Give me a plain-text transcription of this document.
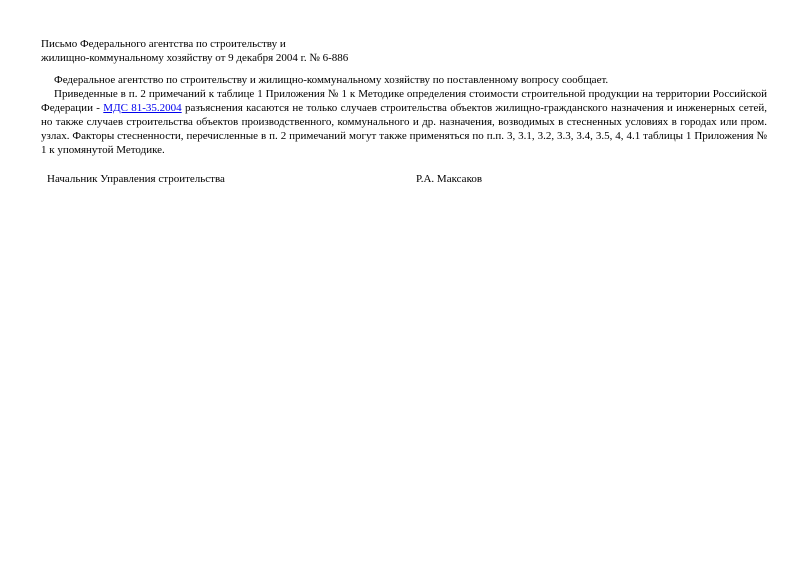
Письмо Федерального агентства по строительству и
жилищно-коммунальному хозяйству от 9 декабря 2004 г. № 6-886

Федеральное агентство по строительству и жилищно-коммунальному хозяйству по поставленному вопросу сообщает.

Приведенные в п. 2 примечаний к таблице 1 Приложения № 1 к Методике определения стоимости строительной продукции на территории Российской Федерации - МДС 81-35.2004 разъяснения касаются не только случаев строительства объектов жилищно-гражданского назначения и инженерных сетей, но также случаев строительства объектов производственного, коммунального и др. назначения, возводимых в стесненных условиях в городах или пром. узлах. Факторы стесненности, перечисленные в п. 2 примечаний могут также применяться по п.п. 3, 3.1, 3.2, 3.3, 3.4, 3.5, 4, 4.1 таблицы 1 Приложения № 1 к упомянутой Методике.

Начальник Управления строительства	Р.А. Максаков
